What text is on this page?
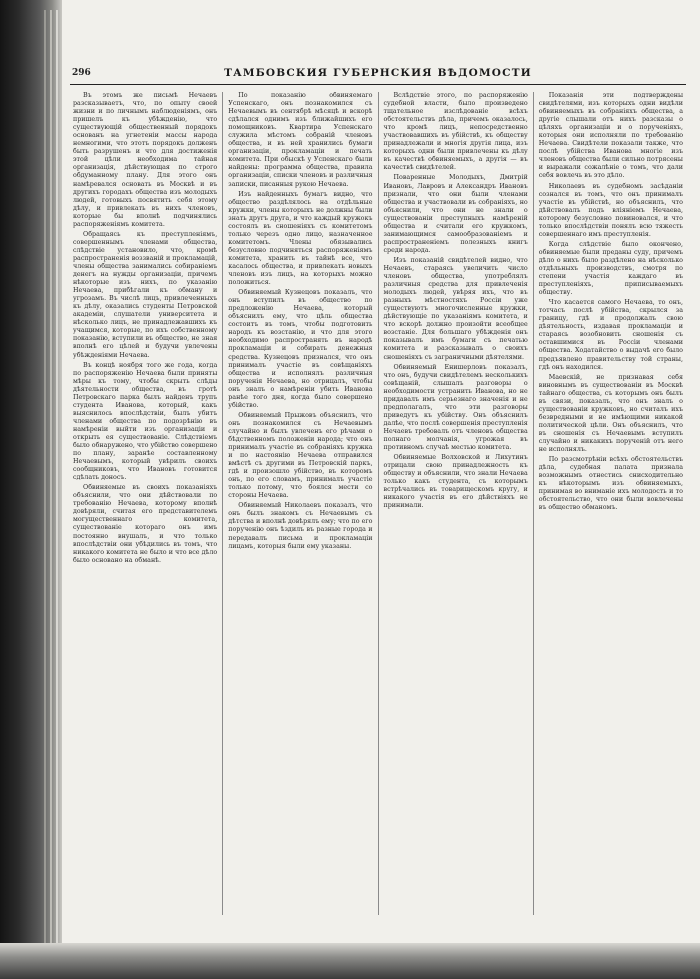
296	ТАМБОВСКИЯ ГУБЕРНСКИЯ ВѢДОМОСТИ

Въ этомъ же письмѣ Нечаевъ разсказываетъ, что, по опыту своей жизни и по личнымъ наблюденіямъ, онъ пришелъ къ убѣжденію, что существующій общественный порядокъ основанъ на угнетеніи массы народа немногими, что этотъ порядокъ долженъ быть разрушенъ и что для достиженія этой цѣли необходима тайная организація, дѣйствующая по строго обдуманному плану. Для этого онъ намѣревался основать въ Москвѣ и въ другихъ городахъ общества изъ молодыхъ людей, готовыхъ посвятить себя этому дѣлу, и привлекать въ нихъ членовъ, которые бы вполнѣ подчинялись распоряженіямъ комитета.

Обращаясь къ преступленіямъ, совершеннымъ членами общества, слѣдствіе установило, что, кромѣ распространенія воззваній и прокламацій, члены общества занимались собираніемъ денегъ на нужды организаціи, причемъ нѣкоторые изъ нихъ, по указанію Нечаева, прибѣгали къ обману и угрозамъ. Въ числѣ лицъ, привлеченныхъ къ дѣлу, оказались студенты Петровской академіи, слушатели университета и нѣсколько лицъ, не принадлежавшихъ къ учащимся, которые, по ихъ собственному показанію, вступили въ общество, не зная вполнѣ его цѣлей и будучи увлечены убѣжденіями Нечаева.

Въ концѣ ноября того же года, когда по распоряженію Нечаева были приняты мѣры къ тому, чтобы скрыть слѣды дѣятельности общества, въ гротѣ Петровскаго парка былъ найденъ трупъ студента Иванова, который, какъ выяснилось впослѣдствіи, былъ убитъ членами общества по подозрѣнію въ намѣреніи выйти изъ организаціи и открыть ея существованіе. Слѣдствіемъ было обнаружено, что убійство совершено по плану, заранѣе составленному Нечаевымъ, который увѣрилъ своихъ сообщниковъ, что Ивановъ готовится сдѣлать доносъ.

Обвиняемые въ своихъ показаніяхъ объяснили, что они дѣйствовали по требованію Нечаева, которому вполнѣ довѣряли, считая его представителемъ могущественнаго комитета, существованіе котораго онъ имъ постоянно внушалъ, и что только впослѣдствіи они убѣдились въ томъ, что никакого комитета не было и что все дѣло было основано на обманѣ.

По показанію обвиняемаго Успенскаго, онъ познакомился съ Нечаевымъ въ сентябрѣ мѣсяцѣ и вскорѣ сдѣлался однимъ изъ ближайшихъ его помощниковъ. Квартира Успенскаго служила мѣстомъ собраній членовъ общества, и въ ней хранились бумаги организаціи, прокламаціи и печать комитета. При обыскѣ у Успенскаго были найдены: программа общества, правила организаціи, списки членовъ и различныя записки, писанныя рукою Нечаева.

Изъ найденныхъ бумагъ видно, что общество раздѣлялось на отдѣльные кружки, члены которыхъ не должны были знать другъ друга, и что каждый кружокъ состоялъ въ сношеніяхъ съ комитетомъ только черезъ одно лицо, назначенное комитетомъ. Члены обязывались безусловно подчиняться распоряженіямъ комитета, хранить въ тайнѣ все, что касалось общества, и привлекать новыхъ членовъ изъ лицъ, на которыхъ можно положиться.

Обвиняемый Кузнецовъ показалъ, что онъ вступилъ въ общество по предложенію Нечаева, который объяснилъ ему, что цѣль общества состоитъ въ томъ, чтобы подготовить народъ къ возстанію, и что для этого необходимо распространять въ народѣ прокламаціи и собирать денежныя средства. Кузнецовъ признался, что онъ принималъ участіе въ совѣщаніяхъ общества и исполнялъ различныя порученія Нечаева, но отрицалъ, чтобы онъ зналъ о намѣреніи убить Иванова ранѣе того дня, когда было совершено убійство.

Обвиняемый Прыжовъ объяснилъ, что онъ познакомился съ Нечаевымъ случайно и былъ увлеченъ его рѣчами о бѣдственномъ положеніи народа; что онъ принималъ участіе въ собраніяхъ кружка и по настоянію Нечаева отправился вмѣстѣ съ другими въ Петровскій паркъ, гдѣ и произошло убійство, въ которомъ онъ, по его словамъ, принималъ участіе только потому, что боялся мести со стороны Нечаева.

Обвиняемый Николаевъ показалъ, что онъ былъ знакомъ съ Нечаевымъ съ дѣтства и вполнѣ довѣрялъ ему; что по его порученію онъ ѣздилъ въ разные города и передавалъ письма и прокламаціи лицамъ, которыя были ему указаны.

Вслѣдствіе этого, по распоряженію судебной власти, было произведено тщательное изслѣдованіе всѣхъ обстоятельствъ дѣла, причемъ оказалось, что кромѣ лицъ, непосредственно участвовавшихъ въ убійствѣ, къ обществу принадлежали и многія другія лица, изъ которыхъ одни были привлечены къ дѣлу въ качествѣ обвиняемыхъ, а другія — въ качествѣ свидѣтелей.

Поваренные Молодыхъ, Дмитрій Ивановъ, Лавровъ и Александръ Ивановъ признали, что они были членами общества и участвовали въ собраніяхъ, но объяснили, что они не знали о существованіи преступныхъ намѣреній общества и считали его кружкомъ, занимающимся самообразованіемъ и распространеніемъ полезныхъ книгъ среди народа.

Изъ показаній свидѣтелей видно, что Нечаевъ, стараясь увеличить число членовъ общества, употреблялъ различныя средства для привлеченія молодыхъ людей, увѣряя ихъ, что въ разныхъ мѣстностяхъ Россіи уже существуютъ многочисленные кружки, дѣйствующіе по указаніямъ комитета, и что вскорѣ должно произойти всеобщее возстаніе. Для большаго убѣжденія онъ показывалъ имъ бумаги съ печатью комитета и разсказывалъ о своихъ сношеніяхъ съ заграничными дѣятелями.

Обвиняемый Енишерловъ показалъ, что онъ, будучи свидѣтелемъ несколькихъ совѣщаній, слышалъ разговоры о необходимости устранить Иванова, но не придавалъ имъ серьезнаго значенія и не предполагалъ, что эти разговоры приведутъ къ убійству. Онъ объяснилъ далѣе, что послѣ совершенія преступленія Нечаевъ требовалъ отъ членовъ общества полнаго молчанія, угрожая въ противномъ случаѣ местью комитета.

Обвиняемые Волховской и Лихутинъ отрицали свою принадлежность къ обществу и объяснили, что знали Нечаева только какъ студента, съ которымъ встрѣчались въ товарищескомъ кругу, и никакого участія въ его дѣйствіяхъ не принимали.

Показанія эти подтверждены свидѣтелями, изъ которыхъ одни видѣли обвиняемыхъ въ собраніяхъ общества, а другіе слышали отъ нихъ разсказы о цѣляхъ организаціи и о порученіяхъ, которыя они исполняли по требованію Нечаева. Свидѣтели показали также, что послѣ убійства Иванова многіе изъ членовъ общества были сильно потрясены и выражали сожалѣніе о томъ, что дали себя вовлечь въ это дѣло.

Николаевъ въ судебномъ засѣданіи сознался въ томъ, что онъ принималъ участіе въ убійствѣ, но объяснилъ, что дѣйствовалъ подъ вліяніемъ Нечаева, которому безусловно повиновался, и что только впослѣдствіи понялъ всю тяжесть совершеннаго имъ преступленія.

Когда слѣдствіе было окончено, обвиняемые были преданы суду, причемъ дѣло о нихъ было раздѣлено на нѣсколько отдѣльныхъ производствъ, смотря по степени участія каждаго въ преступленіяхъ, приписываемыхъ обществу.

Что касается самого Нечаева, то онъ, тотчасъ послѣ убійства, скрылся за границу, гдѣ и продолжалъ свою дѣятельность, издавая прокламаціи и стараясь возобновить сношенія съ оставшимися въ Россіи членами общества. Ходатайство о выдачѣ его было предъявлено правительству той страны, гдѣ онъ находился.

Маевскій, не признавая себя виновнымъ въ существованіи въ Москвѣ тайнаго общества, съ которымъ онъ былъ въ связи, показалъ, что онъ зналъ о существованіи кружковъ, но считалъ ихъ безвредными и не имѣющими никакой политической цѣли. Онъ объяснилъ, что въ сношенія съ Нечаевымъ вступилъ случайно и никакихъ порученій отъ него не исполнялъ.

По разсмотрѣніи всѣхъ обстоятельствъ дѣла, судебная палата признала возможнымъ отнестись снисходительно къ нѣкоторымъ изъ обвиняемыхъ, принимая во вниманіе ихъ молодость и то обстоятельство, что они были вовлечены въ общество обманомъ.
